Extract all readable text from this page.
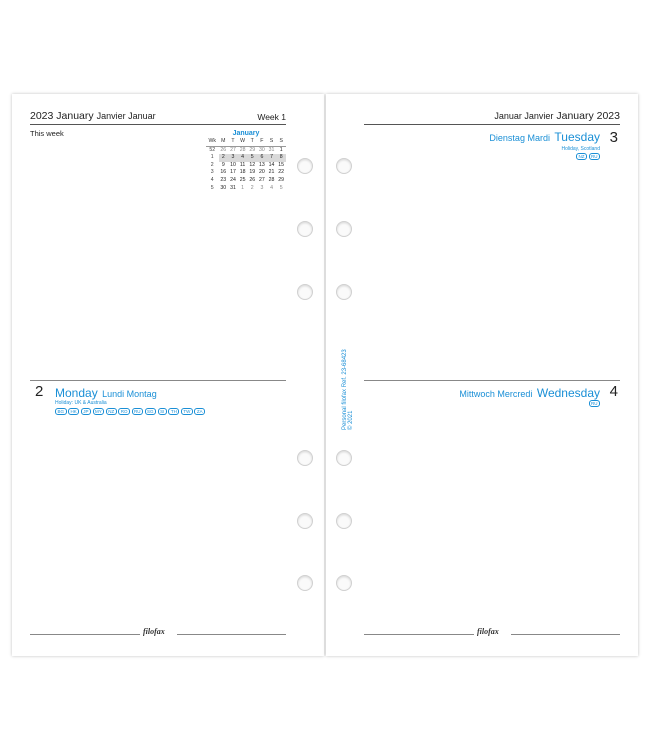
2023 January Janvier Januar	Week 1
This week	January
Wk	M	T	W	T	F	S	S
52	26	27	28	29	30	31	1
1	2	3	4	5	6	7	8
2	9	10	11	12	13	14	15
3	16	17	18	19	20	21	22
4	23	24	25	26	27	28	29
5	30	31	1	2	3	4	5
2 Monday Lundi Montag
Holiday: UK & Australia
BG	HK	JP	MY	NZ	RO	RU	SG	SI	TH	TW	ZA
filofax
Personal filofax Ref. 23-68423 © 2021
Januar Janvier January 2023
Dienstag Mardi Tuesday 3
Holiday, Scotland
NZ	RU
Mittwoch Mercredi Wednesday 4
RU
filofax
